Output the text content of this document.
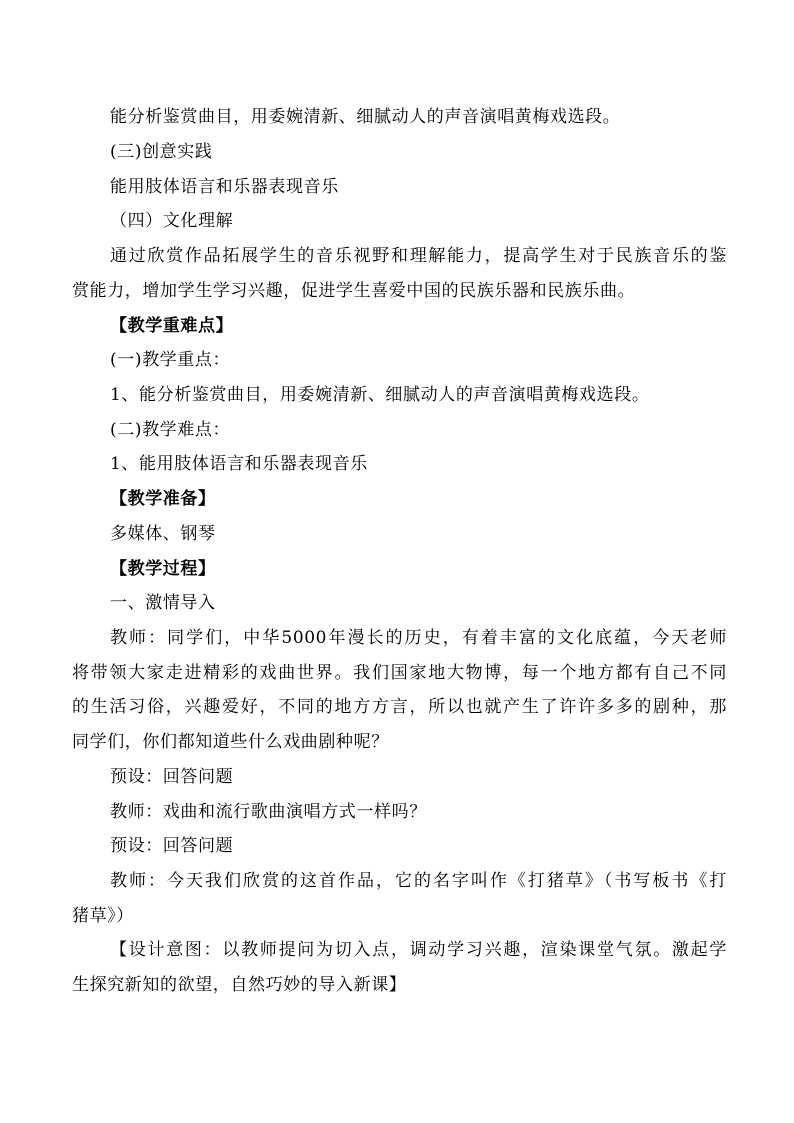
能分析鉴赏曲目，用委婉清新、细腻动人的声音演唱黄梅戏选段。
(三)创意实践
能用肢体语言和乐器表现音乐
（四）文化理解
通过欣赏作品拓展学生的音乐视野和理解能力，提高学生对于民族音乐的鉴
赏能力，增加学生学习兴趣，促进学生喜爱中国的民族乐器和民族乐曲。
【教学重难点】
(一)教学重点：
1、能分析鉴赏曲目，用委婉清新、细腻动人的声音演唱黄梅戏选段。
(二)教学难点：
1、能用肢体语言和乐器表现音乐
【教学准备】
多媒体、钢琴
【教学过程】
一、激情导入
教师：同学们，中华5000年漫长的历史，有着丰富的文化底蕴，今天老师
将带领大家走进精彩的戏曲世界。我们国家地大物博，每一个地方都有自己不同
的生活习俗，兴趣爱好，不同的地方方言，所以也就产生了许许多多的剧种，那
同学们，你们都知道些什么戏曲剧种呢？
预设：回答问题
教师：戏曲和流行歌曲演唱方式一样吗？
预设：回答问题
教师：今天我们欣赏的这首作品，它的名字叫作《打猪草》（书写板书《打
猪草》）
【设计意图：以教师提问为切入点，调动学习兴趣，渲染课堂气氛。激起学
生探究新知的欲望，自然巧妙的导入新课】
